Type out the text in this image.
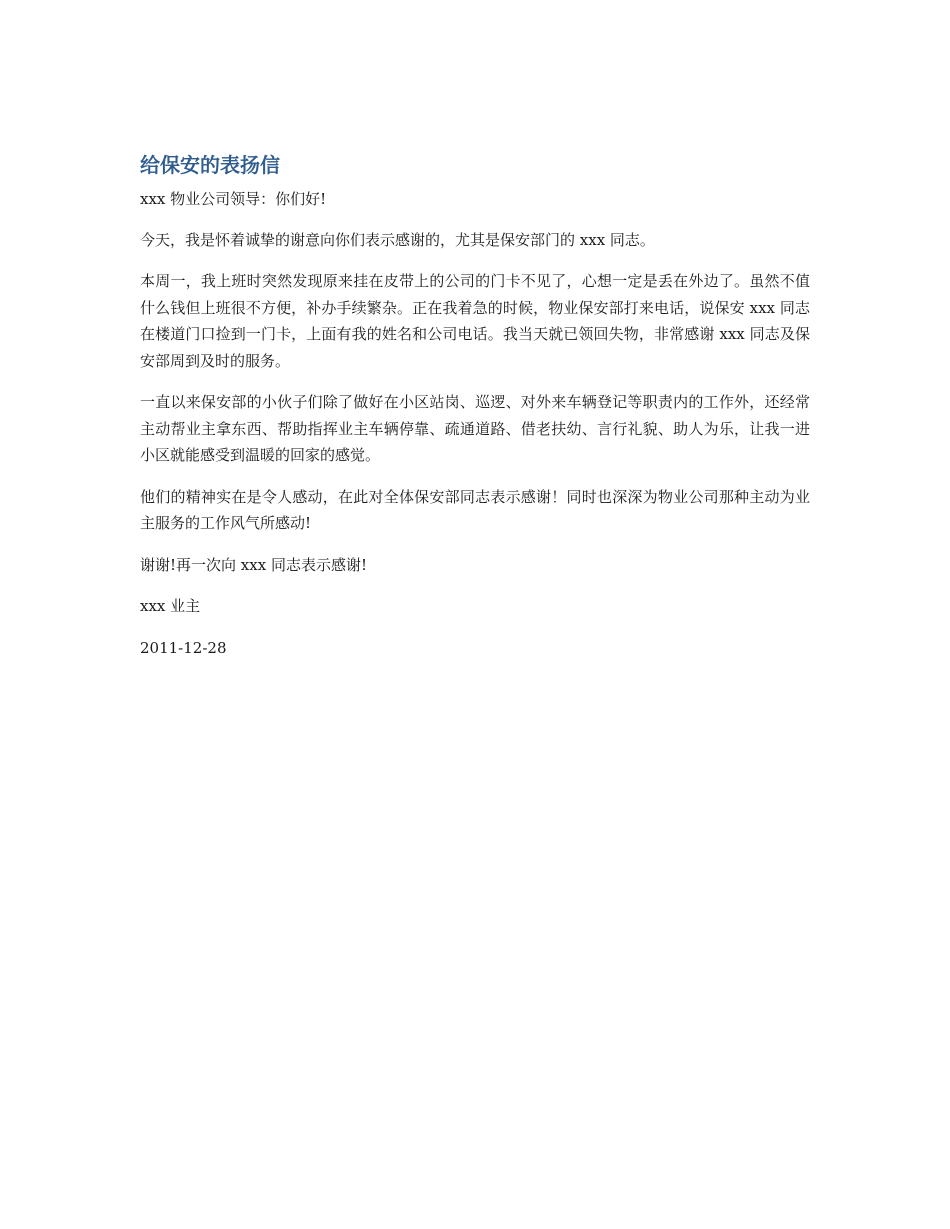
给保安的表扬信

xxx 物业公司领导：你们好!

今天，我是怀着诚挚的谢意向你们表示感谢的，尤其是保安部门的 xxx 同志。

本周一，我上班时突然发现原来挂在皮带上的公司的门卡不见了，心想一定是丢在外边了。虽然不值什么钱但上班很不方便，补办手续繁杂。正在我着急的时候，物业保安部打来电话，说保安 xxx 同志在楼道门口捡到一门卡，上面有我的姓名和公司电话。我当天就已领回失物，非常感谢 xxx 同志及保安部周到及时的服务。

一直以来保安部的小伙子们除了做好在小区站岗、巡逻、对外来车辆登记等职责内的工作外，还经常主动帮业主拿东西、帮助指挥业主车辆停靠、疏通道路、借老扶幼、言行礼貌、助人为乐，让我一进小区就能感受到温暖的回家的感觉。

他们的精神实在是令人感动，在此对全体保安部同志表示感谢！同时也深深为物业公司那种主动为业主服务的工作风气所感动!

谢谢!再一次向 xxx 同志表示感谢!

xxx 业主

2011-12-28
